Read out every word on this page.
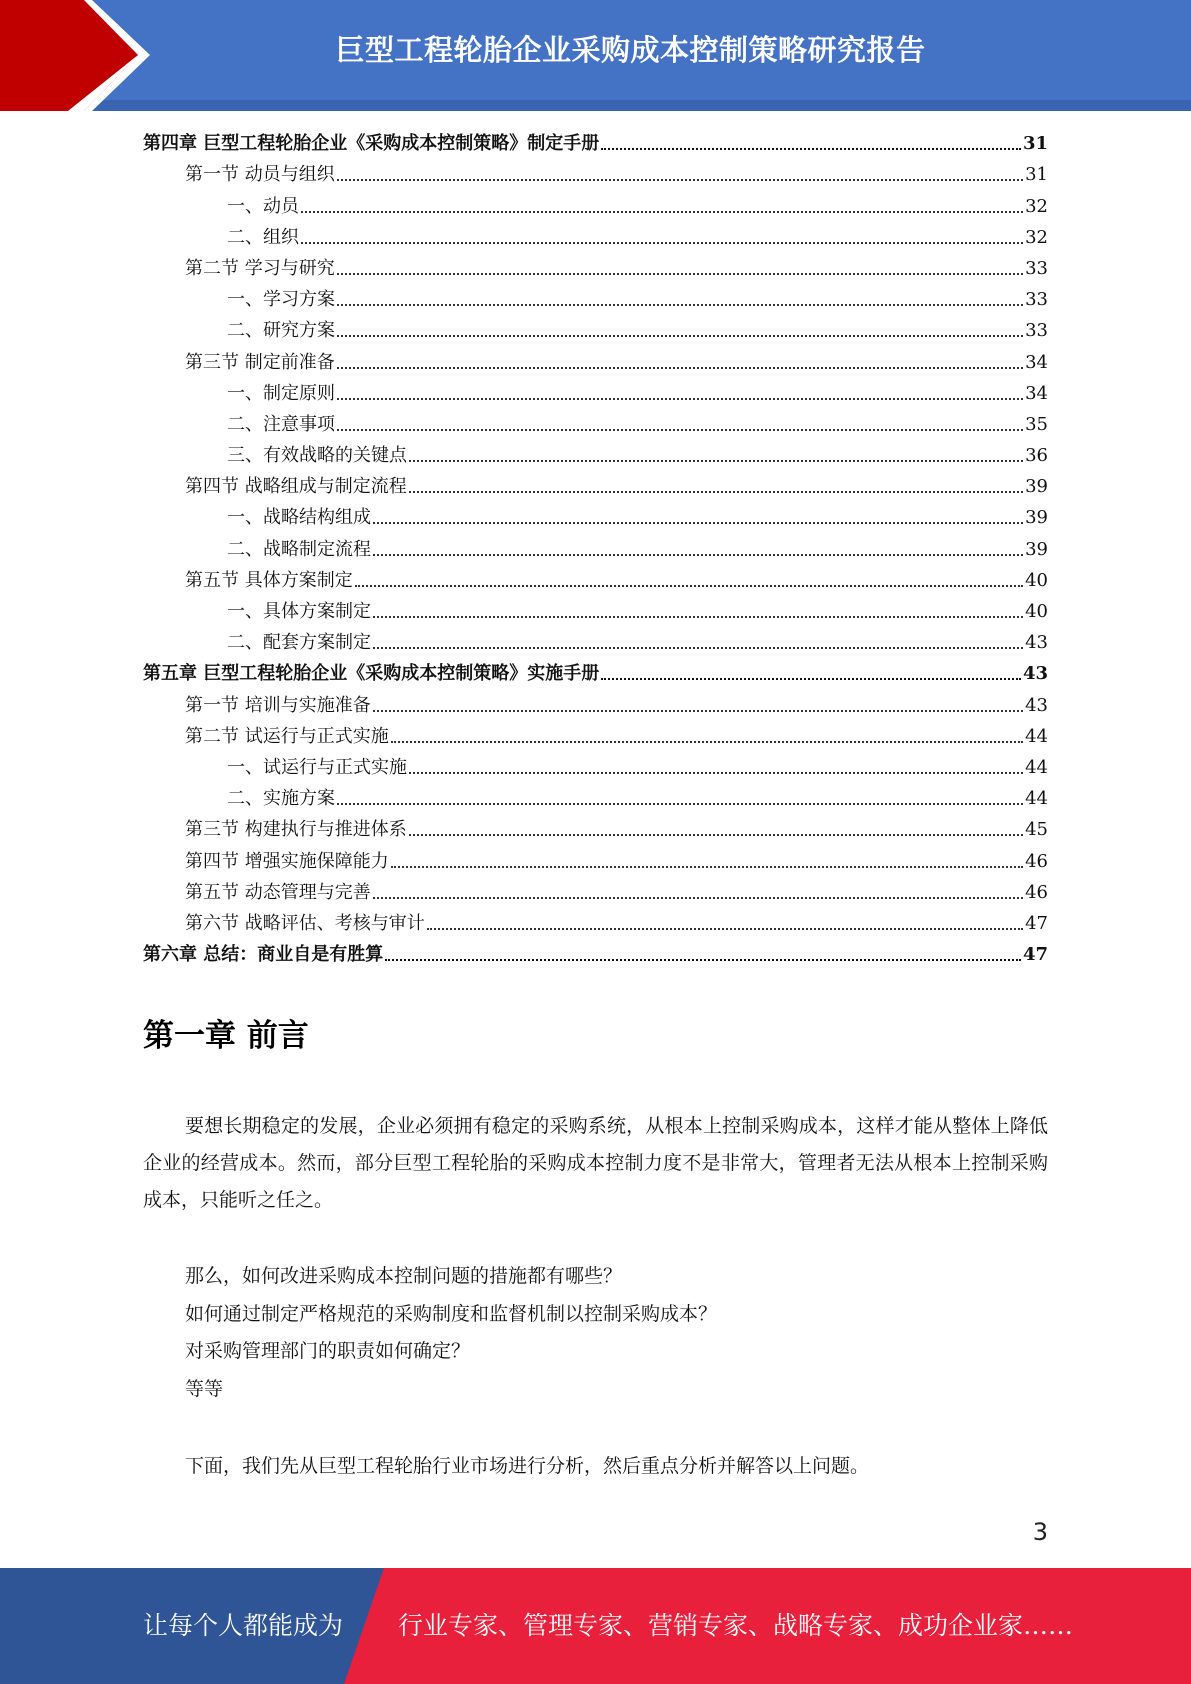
巨型工程轮胎企业采购成本控制策略研究报告
第四章 巨型工程轮胎企业《采购成本控制策略》制定手册	31
第一节 动员与组织	31
一、动员	32
二、组织	32
第二节 学习与研究	33
一、学习方案	33
二、研究方案	33
第三节 制定前准备	34
一、制定原则	34
二、注意事项	35
三、有效战略的关键点	36
第四节 战略组成与制定流程	39
一、战略结构组成	39
二、战略制定流程	39
第五节 具体方案制定	40
一、具体方案制定	40
二、配套方案制定	43
第五章 巨型工程轮胎企业《采购成本控制策略》实施手册	43
第一节 培训与实施准备	43
第二节 试运行与正式实施	44
一、试运行与正式实施	44
二、实施方案	44
第三节 构建执行与推进体系	45
第四节 增强实施保障能力	46
第五节 动态管理与完善	46
第六节 战略评估、考核与审计	47
第六章 总结：商业自是有胜算	47
第一章 前言
要想长期稳定的发展，企业必须拥有稳定的采购系统，从根本上控制采购成本，这样才能从整体上降低企业的经营成本。然而，部分巨型工程轮胎的采购成本控制力度不是非常大，管理者无法从根本上控制采购成本，只能听之任之。
那么，如何改进采购成本控制问题的措施都有哪些？
如何通过制定严格规范的采购制度和监督机制以控制采购成本？
对采购管理部门的职责如何确定？
等等
下面，我们先从巨型工程轮胎行业市场进行分析，然后重点分析并解答以上问题。
3
让每个人都能成为 行业专家、管理专家、营销专家、战略专家、成功企业家……
